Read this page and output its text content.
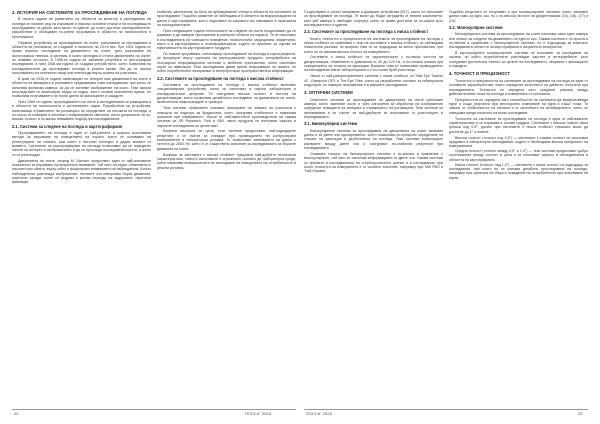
2. ИСТОРИЯ НА СИСТЕМИТЕ ЗА ПРОСЛЕДЯВАНЕ НА ПОГЛЕДА

В очната година на развитието на областта за монитор и изследвания на погледа се налагат ред на изучаване в няколко основни стъпки и на последващото проследяване на данни, като много от идеите, до които достигат изследователите, разработват и обобщават по-ранни проучвания в областта на психологията и ергономията.

Първите устройства за проследяване на очите, използвани за изследвания в областта на рекламата, се създават в началото на 20-ти век. При 1901 година се прави първото изследване на движението на очите, чрез използване на фотографска техника, а система, в която изследва и отчита движенията на очите, се появява по-късно. В 1906-та година се заснемат резултати от фотографски изследвания, а през 1908-ма година се създава устройството, което позволява на изследователите да проследяват погледа в реално време, без да се налага използването на контактни лещи или електроди върху кожата на участника.

В края на 1940-те години изменящият се интерес към движенията на очите в областта на авиацията и рекламата предизвикват нови изследвания, при които се използва филмова камера, за да се заснеме изображение на окото. Тези записи впоследствие се анализират кадър по кадър, което отнема значително време, но позволява получаването на точни данни за фиксациите и сакадите.

През 1960-те години, проследяването на очите в изследванията се разширява и в областта на психологията и когнитивните науки. Разработени са устройства, използващи отражението на роговицата за определяне на посоката на погледа, а по-късно се появяват и системи с инфрачервена светлина, които допринасят за по-висока точност и по-малко инвазивен подход при изследванията.

2.1. Системи за следене на погледа и картографиране

Проследяването на погледа е един от най-ранните и широко използвани методи за изучаване на поведението на хората, които се основават на регистриране на точката, към която е насочен погледът в даден момент от времето. Системите за картографиране на погледа позволяват да се определят зоните на интерес в изображението и да се проследи последователността, в която те се разглеждат.

Движенията на очите, според М. Шилинг, представят един от най-значимите показатели за изучаване на визуалното внимание, тъй като погледът обикновено е насочен към обекта, върху който е фокусирано вниманието на наблюдателя. Когато наблюдателят разглежда изображение, неговите очи извършват бързи движения, наречени сакади, които се редуват с кратки периоди на задържане, наречени фиксации.

стабилно увеличение на броя на публикуваните статии в областта на системите за проследяване. Подобно развитие се наблюдава и в областта на визуализацията на данни и картографията, което подпомага по-широкото им навлизане в практиката на изследователите.

През следващите години технологиите за следене на очите продължават да се развиват и да намират приложение в различни области на науката. Те се използват в изследванията на човешкото поведение, психологията, медицината, маркетинга, както и в картографията и геоинформатиката, където се прилагат за оценка на ефективността на картографските продукти.

По-новите проучвания, използващи проследяване на погледа в картографията, се фокусират върху оценката на картографските продукти, интерфейсите на географски информационни системи и мобилни приложения, които използват карти за навигация. Тези изследвания дават ценна информация за начина, по който потребителите възприемат и интерпретират пространствената информация.

2.2. Системите за проследяване на погледа с висока стойност

Системите за проследяване на погледа с висока стойност включват специализирани устройства, които се използват в научни лаборатории и изследователски центрове. Те осигуряват висока точност и честота на дискретизация, което позволява детайлното изследване на движенията на очите, включително микросакадите и тремора.

Тези системи обикновено изискват фиксиране на главата на участника с помощта на подпора за брадичката, което осигурява стабилност и намалява грешките при измерването. Някои от най-известните производители на такива системи са SR Research, Tobii и SMI, чиито продукти се използват широко в научните изследвания по целия свят.

Въпреки високата си цена, тези системи предоставят най-надеждните резултати и се считат за стандарт при провеждането на контролирани експерименти в лабораторни условия. Те позволяват записването на данни с честота до 2000 Hz, което е от съществено значение за изследванията на бързите движения на очите.

Въпреки че системите с висока стойност предлагат най-добрите технически характеристики, тяхното използване е ограничено основно до лабораторна среда, което намалява възможностите за изследване на поведението на потребителите в реални условия.

Съществуват и ръчно направени и домашни устройства (DIY), които се използват за проследяване на погледа. Те могат да бъдат изградени от евтини компоненти, като уеб камери и свободен софтуер, което ги прави достъпни за по-широк кръг изследователи и студенти.

2.3. Системите за проследяване на погледа с ниска стойност

Когато точността и прецизността на системите за проследяване на погледа с ниска стойност се сравняват с тези на системите с висока стойност, се наблюдава значителна разлика, но въпреки това те са подходящи за много приложения, при които не се изисква висока точност на измерването.

Системите с ниска стойност се характеризират с по-ниска честота на дискретизация, обикновено в диапазона от 30 до 120 Hz, и по-голяма грешка при определянето на точката на фиксация. Въпреки това те позволяват провеждането на изследвания извън лабораторията и с по-голям брой участници.

Някои от най-разпространените системи с ниска стойност са Tobii Eye Tracker 4C, Gazepoint GP3 и The Eye Tribe, които са разработени основно за геймърската индустрия, но намират приложение и в научните изследвания.

3. ОПТИЧНИ СИСТЕМИ

Оптичните системи за проследяване на движенията на очите използват камери, които заснемат окото и чрез алгоритми за обработка на изображения определят позицията на зеницата и отражението на роговицата. Тези системи са неинвазивни и се считат за най-удобните за използване от участниците в изследванията.

3.1. Бинокулярни системи

Бинокулярните системи за проследяване на движенията на очите записват данни и за двете очи едновременно, което позволява по-прецизно определяне на точката на фиксация и дълбочината на погледа. Тези системи компенсират разликите между двете очи и осигуряват по-стабилни резултати при изследванията.

Очаквата точност на бинокулярните системи е по-висока в сравнение с монокулярните, тъй като се използва информацията от двете очи. Такива системи се прилагат в изследванията на стереоскопичното зрение и в изследвания, при които точността на измерването е от особено значение, например при SMI RED и Tobii Glasses.

Подобни резултати се получават и при монокулярните системи, които записват данни само за едно око, но с по-висока честота на дискретизация (15), (16), (17) и (24).

3.2. Монокулярни системи

Монокулярната система за проследяване на очите използва само едно камера или сензор за следене на движението на едното око. Такава система е по-проста и по-евтина в сравнение с бинокулярните системи, но е подходяща за повечето изследвания в областта на картографията и визуалното възприятие.

В картографията монокулярните системи се използват за изследване на начина, по който потребителите разглеждат картите и интерфейсите, като осигуряват достатъчна точност за целите на изследването, свързани с фиксациите и сакадите.

4. ТОЧНОСТ И ПРЕЦИЗНОСТ

Точността и прецизността на системите за проследяване на погледа са едни от основните характеристики, които определят качеството на данните, получени при изследванията. Точността се определя като средната разлика между действителната точка на погледа и измерената от системата.

Прецизността се определя като способността на системата да възпроизвежда едни и същи резултати при многократно измерване на една и съща точка. Тя зависи от стабилността на сигнала и от качеството на калибрирането, което се извършва преди началото на всяко изследване.

Точността на системите за проследяване на погледа е една от най-важните характеристики и се изразява в ъглови градуси. Системите с висока точност имат грешка под 0,5°, докато при системите с ниска стойност грешката може да достигне до 1° и повече.

Висока точност (точност под 0,5°) — системите с такава точност се използват предимно в лабораторни изследвания, където е необходима висока прецизност на измерванията.

Средна точност (точност между 0,5° и 1,0°) — тези системи предоставят добро съотношение между точност и цена и се използват широко в изследванията в областта на картографията.

Ниска точност (точност над 1,0°) — системите с ниска точност са подходящи за изследвания, при които не се изисква детайлно проследяване на погледа, например при оценката на общото поведение на потребителите при използване на карти.

22	ГЕЗ 5-6 ’ 2024	ГЕЗ 5-6 ’ 2024	23
